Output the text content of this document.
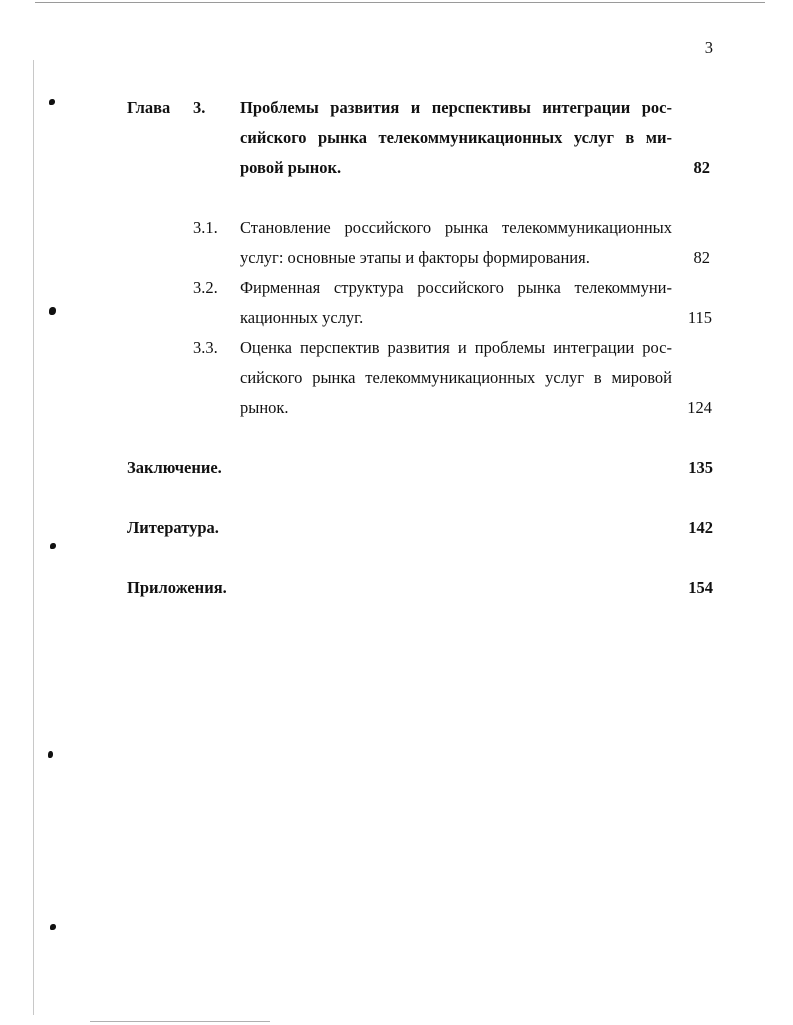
3
Глава 3. Проблемы развития и перспективы интеграции рос-
сийского рынка телекоммуникационных услуг в ми-
ровой рынок.	82
3.1. Становление российского рынка телекоммуникационных
услуг: основные этапы и факторы формирования.	82
3.2. Фирменная структура российского рынка телекоммуни-
кационных услуг.	115
3.3. Оценка перспектив развития и проблемы интеграции рос-
сийского рынка телекоммуникационных услуг в мировой
рынок.	124
Заключение.	135
Литература.	142
Приложения.	154
